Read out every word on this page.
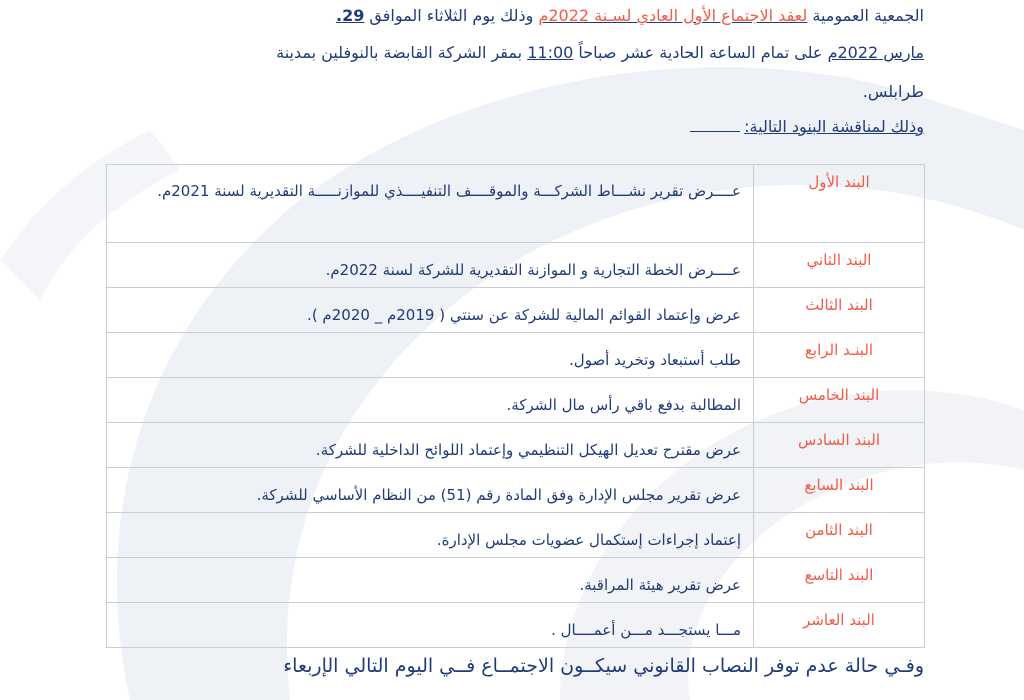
الجمعية العمومية لعقد الاجتماع الأول العادي لسـنة 2022م وذلك يوم الثلاثاء الموافق 29.
مارس 2022م على تمام الساعة الحادية عشر صباحاً 11:00 بمقر الشركة القابضة بالنوفلين بمدينة
طرابلس.
وذلك لمناقشة البنود التالية:
البند الأول	عــــرض تقرير نشـــاط الشركـــة والموقــــف التنفيــــذي للموازنـــــة التقديرية لسنة 2021م.
البند الثاني	عــــرض الخطة التجارية و الموازنة التقديرية للشركة لسنة 2022م.
البند الثالث	عرض وإعتماد القوائم المالية للشركة عن سنتي ( 2019م _ 2020م ).
البنـد الرابع	طلب أستبعاد وتخريد أصول.
البند الخامس	المطالبة بدفع باقي رأس مال الشركة.
البند السادس	عرض مقترح تعديل الهيكل التنظيمي وإعتماد اللوائح الداخلية للشركة.
البند السابع	عرض تقرير مجلس الإدارة وفق المادة رقم (51) من النظام الأساسي للشركة.
البند الثامن	إعتماد إجراءات إستكمال عضويات مجلس الإدارة.
البند التاسع	عرض تقرير هيئة المراقبة.
البند العاشر	مـــا يستجـــد مـــن أعمــــال .
وفـي حالة عدم توفر النصاب القانوني سيكــون الاجتمــاع فــي اليوم التالي الإربعاء
